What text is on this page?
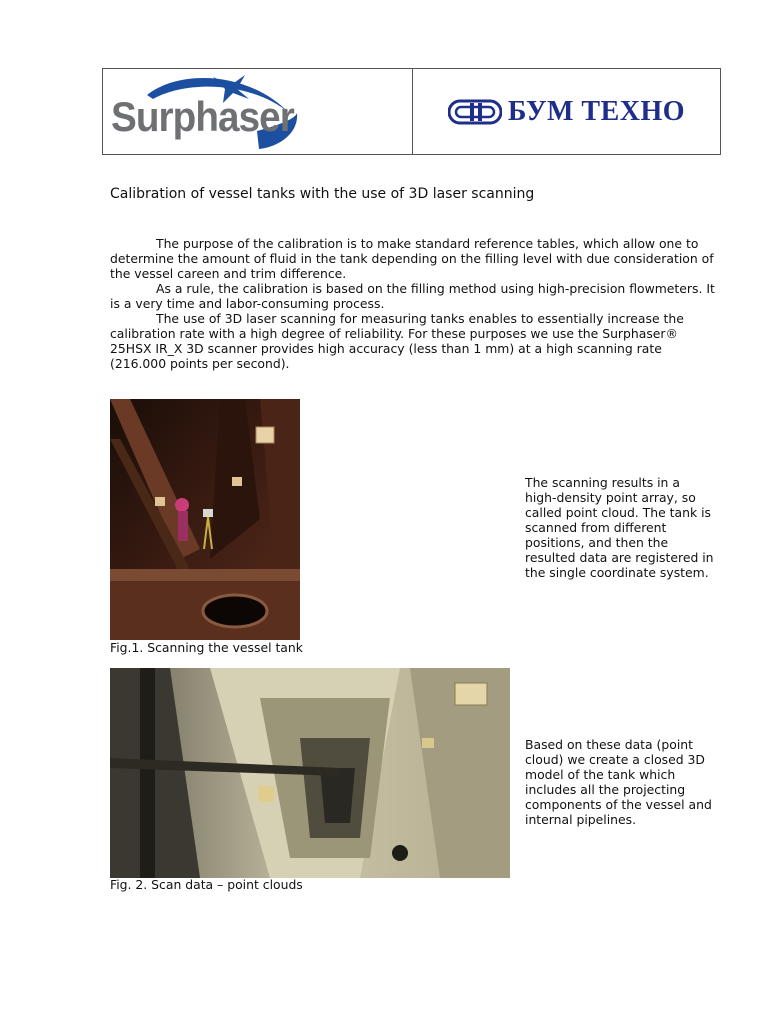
Surphaser	БУМ ТЕХНО
Calibration of vessel tanks with the use of 3D laser scanning

The purpose of the calibration is to make standard reference tables, which allow one to determine the amount of fluid in the tank depending on the filling level with due consideration of the vessel careen and trim difference.

As a rule, the calibration is based on the filling method using high-precision flowmeters. It is a very time and labor-consuming process.

The use of 3D laser scanning for measuring tanks enables to essentially increase the calibration rate with a high degree of reliability. For these purposes we use the Surphaser® 25HSX IR_X 3D scanner provides high accuracy (less than 1 mm) at a high scanning rate (216.000 points per second).

Fig.1. Scanning the vessel tank

The scanning results in a high-density point array, so called point cloud. The tank is scanned from different positions, and then the resulted data are registered in the single coordinate system.

Fig. 2. Scan data – point clouds

Based on these data (point cloud) we create a closed 3D model of the tank which includes all the projecting components of the vessel and internal pipelines.
